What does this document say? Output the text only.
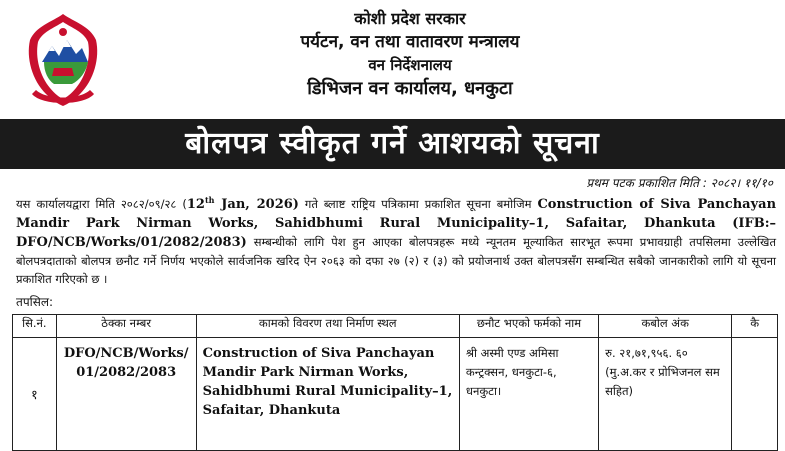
कोशी प्रदेश सरकार
पर्यटन, वन तथा वातावरण मन्त्रालय
वन निर्देशनालय
डिभिजन वन कार्यालय, धनकुटा
बोलपत्र स्वीकृत गर्ने आशयको सूचना
प्रथम पटक प्रकाशित मिति : २०८२। ११/१०
यस कार्यालयद्वारा मिति २०८२/०९/२८ (12th Jan, 2026) गते ब्लाष्ट राष्ट्रिय पत्रिकामा प्रकाशित सूचना बमोजिम Construction of Siva Panchayan Mandir Park Nirman Works, Sahidbhumi Rural Municipality–1, Safaitar, Dhankuta (IFB:– DFO/NCB/Works/01/2082/2083) सम्बन्धीको लागि पेश हुन आएका बोलपत्रहरू मध्ये न्यूनतम मूल्याकित सारभूत रूपमा प्रभावग्राही तपसिलमा उल्लेखित बोलपत्रदाताको बोलपत्र छनौट गर्ने निर्णय भएकोले सार्वजनिक खरिद ऐन २०६३ को दफा २७ (२) र (३) को प्रयोजनार्थ उक्त बोलपत्रसँग सम्बन्धित सबैको जानकारीको लागि यो सूचना प्रकाशित गरिएको छ ।
तपसिल:
सि.नं.	ठेक्का नम्बर	कामको विवरण तथा निर्माण स्थल	छनौट भएको फर्मको नाम	कबोल अंक	कै
१	DFO/NCB/Works/ 01/2082/2083	Construction of Siva Panchayan Mandir Park Nirman Works, Sahidbhumi Rural Municipality–1, Safaitar, Dhankuta	श्री अस्मी एण्ड अमिसा कन्ट्रक्सन, धनकुटा-६, धनकुटा।	रु. २१,७१,९५६. ६०
(मु.अ.कर र प्रोभिजनल सम सहित)	
